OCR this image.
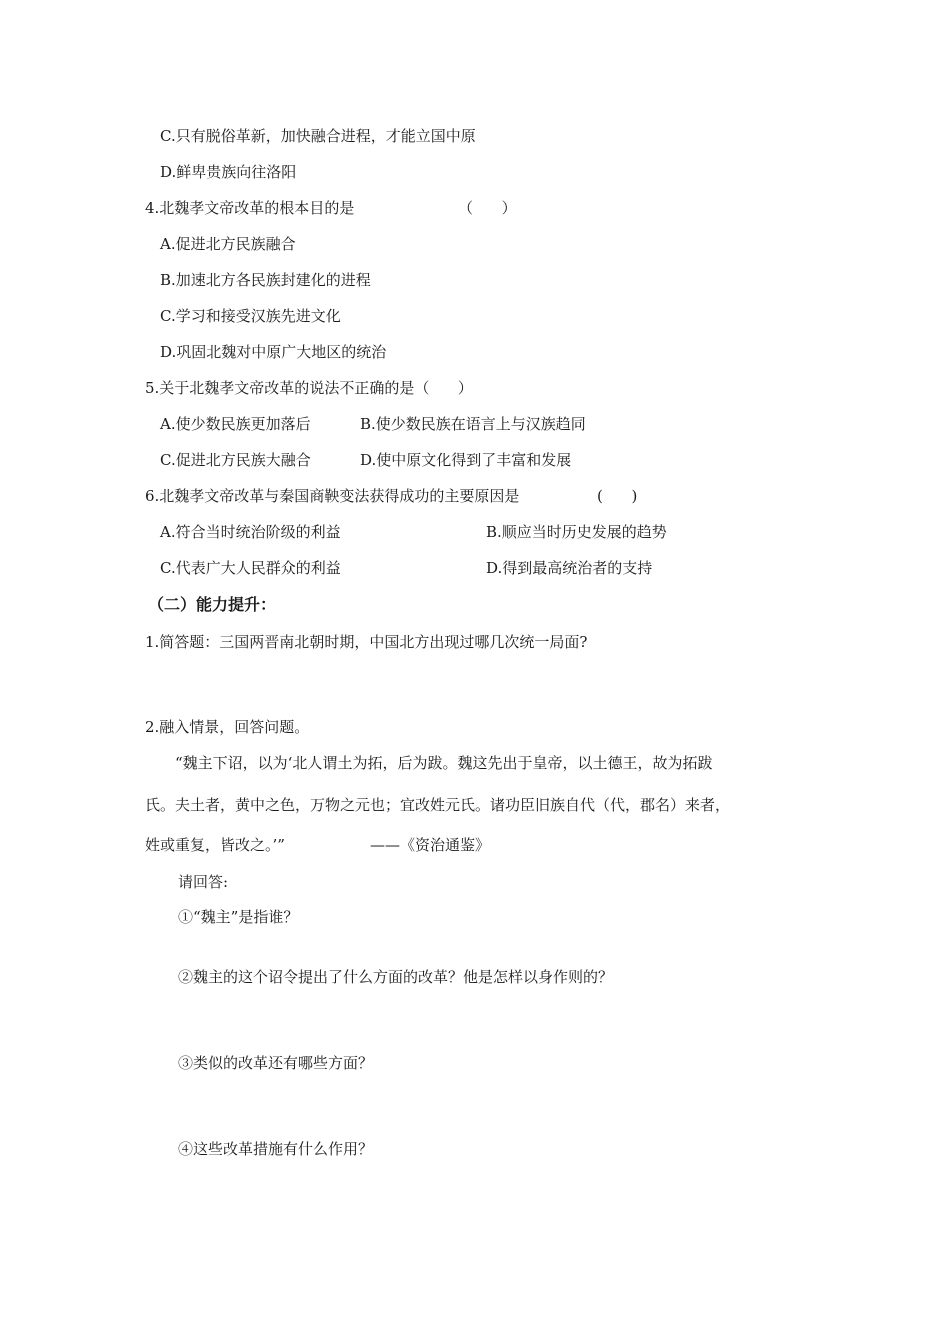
C.只有脱俗革新，加快融合进程，才能立国中原
D.鲜卑贵族向往洛阳
4.北魏孝文帝改革的根本目的是	（      ）
A.促进北方民族融合
B.加速北方各民族封建化的进程
C.学习和接受汉族先进文化
D.巩固北魏对中原广大地区的统治
5.关于北魏孝文帝改革的说法不正确的是（      ）
A.使少数民族更加落后	B.使少数民族在语言上与汉族趋同
C.促进北方民族大融合	D.使中原文化得到了丰富和发展
6.北魏孝文帝改革与秦国商鞅变法获得成功的主要原因是	(      )
A.符合当时统治阶级的利益	B.顺应当时历史发展的趋势
C.代表广大人民群众的利益	D.得到最高统治者的支持
（二）能力提升：
1.简答题：三国两晋南北朝时期，中国北方出现过哪几次统一局面?
2.融入情景，回答问题。
“魏主下诏，以为‘北人谓土为拓，后为跋。魏这先出于皇帝，以土德王，故为拓跋
氏。夫土者，黄中之色，万物之元也；宜改姓元氏。诸功臣旧族自代（代，郡名）来者，
姓或重复，皆改之。’”	——《资治通鉴》
请回答:
①“魏主”是指谁？
②魏主的这个诏令提出了什么方面的改革？他是怎样以身作则的？
③类似的改革还有哪些方面？
④这些改革措施有什么作用？
